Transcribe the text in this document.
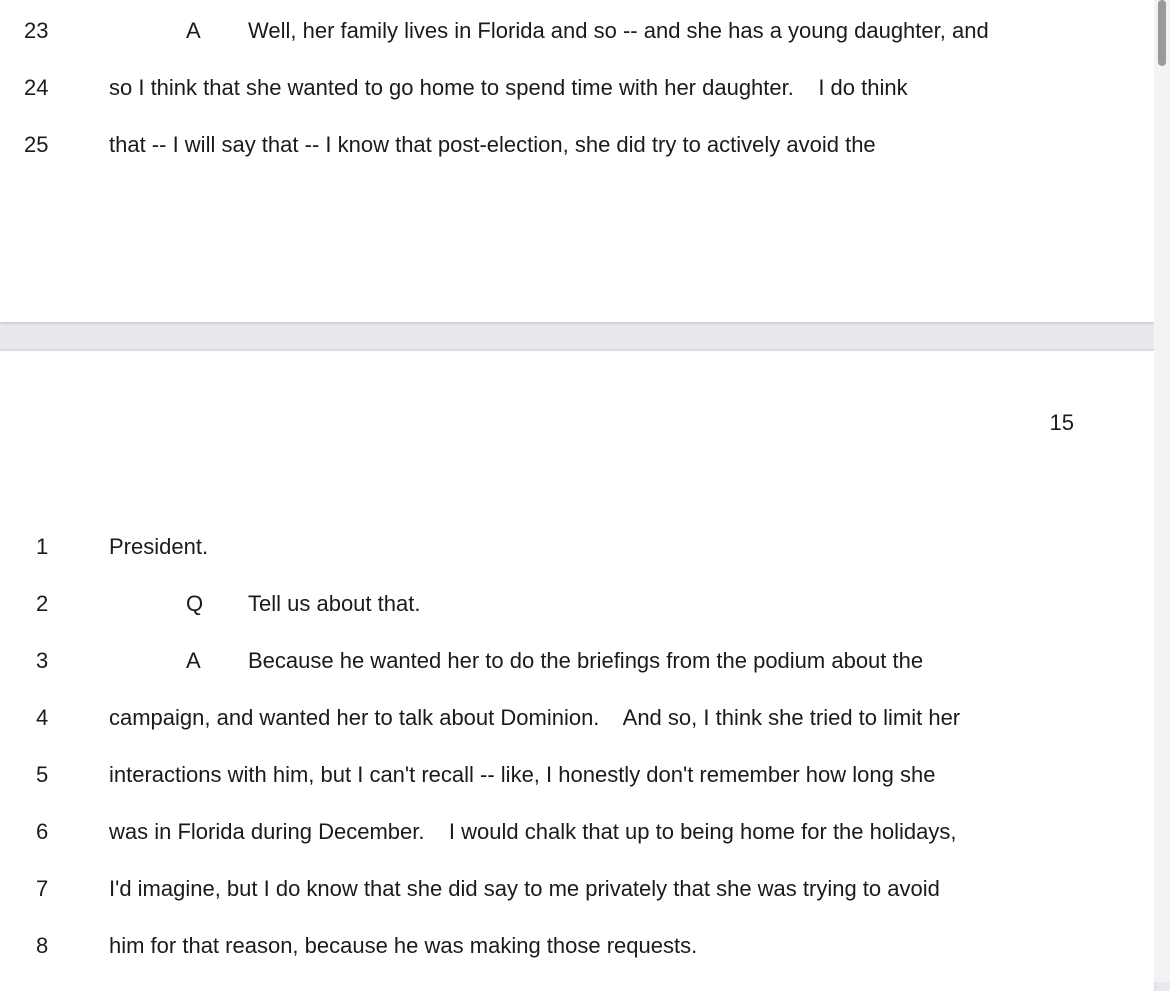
23	A	Well, her family lives in Florida and so -- and she has a young daughter, and
24	so I think that she wanted to go home to spend time with her daughter.    I do think
25	that -- I will say that -- I know that post-election, she did try to actively avoid the
15
1	President.
2	Q	Tell us about that.
3	A	Because he wanted her to do the briefings from the podium about the
4	campaign, and wanted her to talk about Dominion.    And so, I think she tried to limit her
5	interactions with him, but I can't recall -- like, I honestly don't remember how long she
6	was in Florida during December.    I would chalk that up to being home for the holidays,
7	I'd imagine, but I do know that she did say to me privately that she was trying to avoid
8	him for that reason, because he was making those requests.
